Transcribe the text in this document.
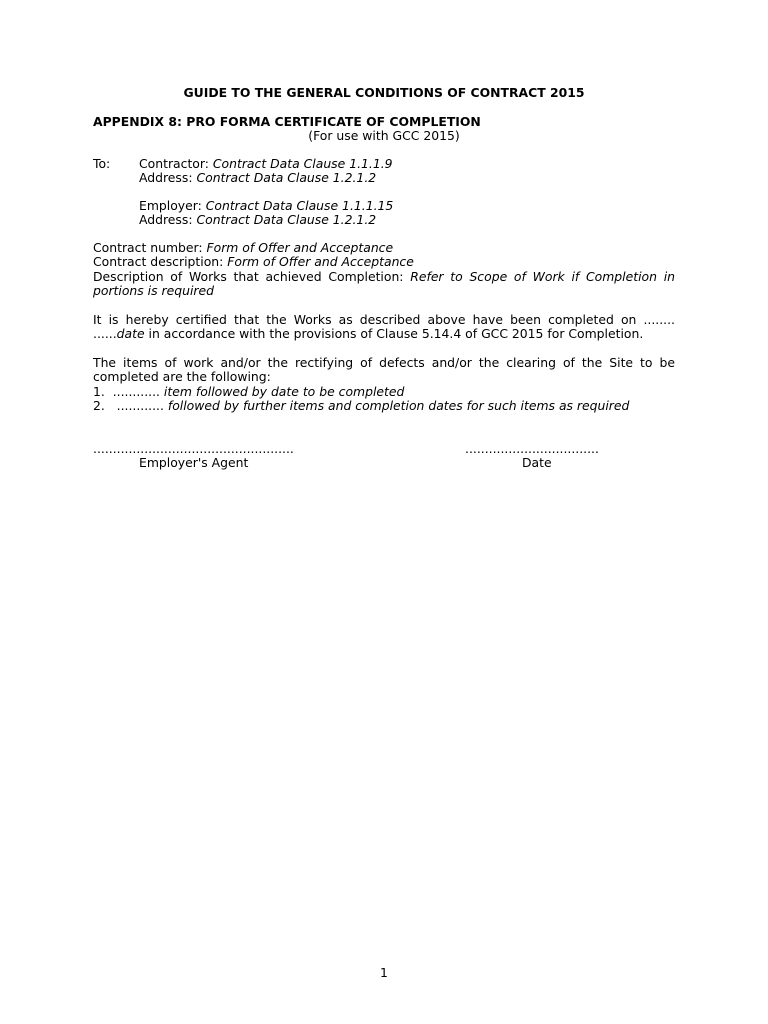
GUIDE TO THE GENERAL CONDITIONS OF CONTRACT 2015
APPENDIX 8: PRO FORMA CERTIFICATE OF COMPLETION
(For use with GCC 2015)
To:	Contractor: Contract Data Clause 1.1.1.9
Address: Contract Data Clause 1.2.1.2
Employer: Contract Data Clause 1.1.1.15
Address: Contract Data Clause 1.2.1.2
Contract number: Form of Offer and Acceptance
Contract description: Form of Offer and Acceptance
Description of Works that achieved Completion: Refer to Scope of Work if Completion in
portions is required
It is hereby certified that the Works as described above have been completed on ........
......date in accordance with the provisions of Clause 5.14.4 of GCC 2015 for Completion.
The items of work and/or the rectifying of defects and/or the clearing of the Site to be
completed are the following:
1.  ............ item followed by date to be completed
2.   ............ followed by further items and completion dates for such items as required
...................................................	..................................
Employer's Agent	Date
1
